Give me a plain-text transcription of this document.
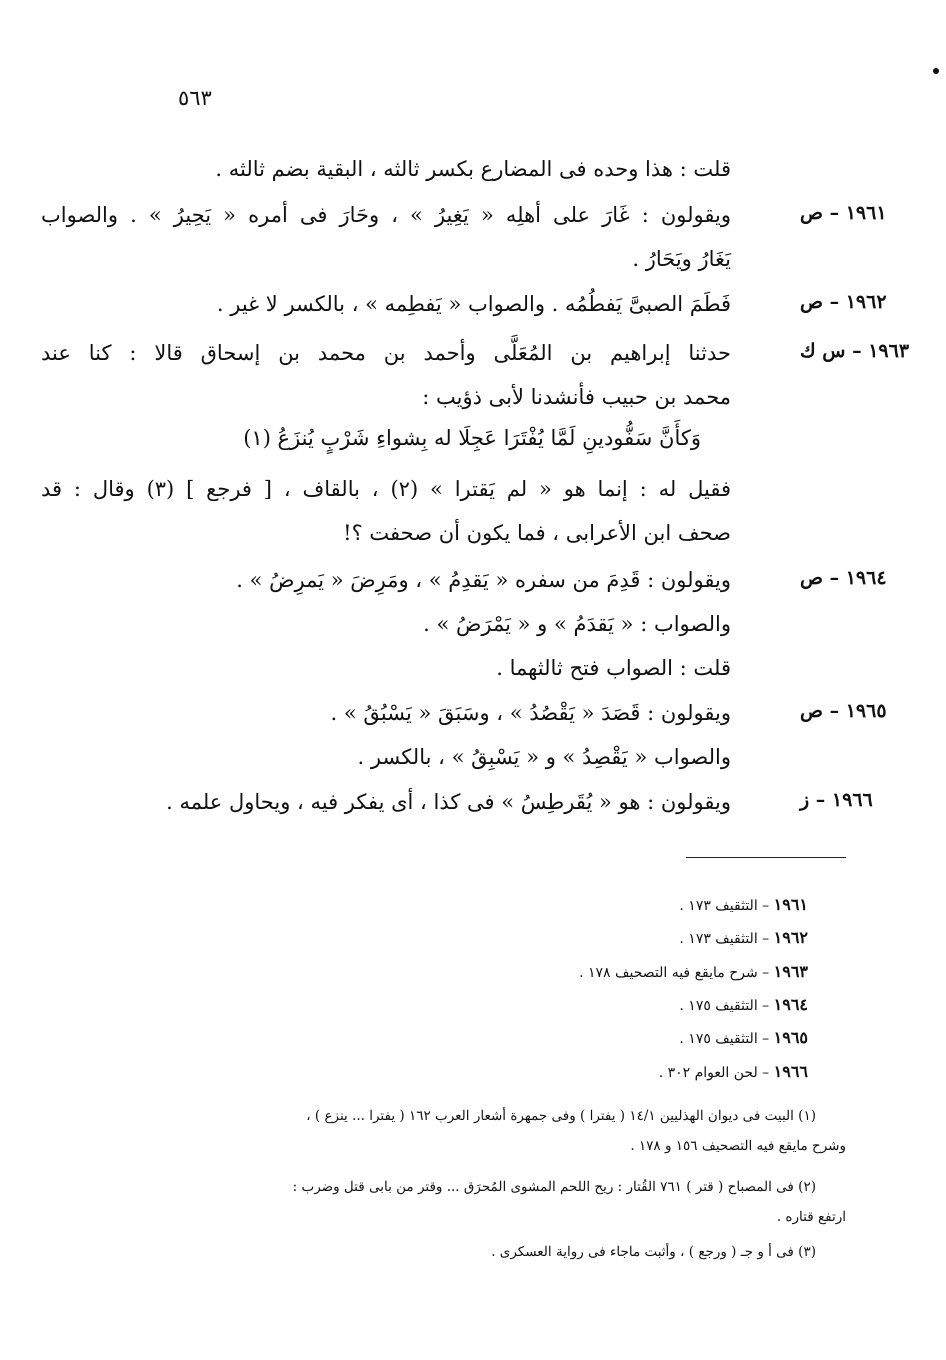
٥٦٣
قلت : هذا وحده فى المضارع بكسر ثالثه ، البقية بضم ثالثه .
١٩٦١ – ص
ويقولون : غَارَ على أهلِه « يَغِيرُ » ، وحَارَ فى أمره « يَحِيرُ » . والصواب
يَغَارُ ويَحَارُ .
١٩٦٢ – ص
فَطَمَ الصبىَّ يَفطُمُه . والصواب « يَفطِمه » ، بالكسر لا غير .
١٩٦٣ – س ك
حدثنا إبراهيم بن المُعَلَّى وأحمد بن محمد بن إسحاق قالا : كنا عند
محمد بن حبيب فأنشدنا لأبى ذؤيب :
وَكأَنَّ سَفُّودينِ لَمَّا يُفْتَرَا عَجِلَا له بِشواءِ شَرْبٍ يُنزَعُ (١)
فقيل له : إنما هو « لم يَقترا » (٢) ، بالقاف ، [ فرجع ] (٣) وقال : قد
صحف ابن الأعرابى ، فما يكون أن صحفت ؟!
١٩٦٤ – ص
ويقولون : قَدِمَ من سفره « يَقدِمُ » ، ومَرِضَ « يَمرِضُ » .
والصواب : « يَقدَمُ » و « يَمْرَضُ » .
قلت : الصواب فتح ثالثهما .
١٩٦٥ – ص
ويقولون : قَصَدَ « يَقْصُدُ » ، وسَبَقَ « يَسْبُقُ » .
والصواب « يَقْصِدُ » و « يَسْبِقُ » ، بالكسر .
١٩٦٦ – ز
ويقولون : هو « يُقَرطِسُ » فى كذا ، أى يفكر فيه ، ويحاول علمه .
١٩٦١ – التثقيف ١٧٣ .
١٩٦٢ – التثقيف ١٧٣ .
١٩٦٣ – شرح مايقع فيه التصحيف ١٧٨ .
١٩٦٤ – التثقيف ١٧٥ .
١٩٦٥ – التثقيف ١٧٥ .
١٩٦٦ – لحن العوام ٣٠٢ .
(١) البيت فى ديوان الهذليين ١٤/١ ( يفترا ) وفى جمهرة أشعار العرب ١٦٢ ( يفترا ... ينزع ) ،
وشرح مايقع فيه التصحيف ١٥٦ و ١٧٨ .
(٢) فى المصباح ( قتر ) ٧٦١ القُتار : ريح اللحم المشوى المُحرَق ... وقتر من بابى قتل وضرب :
ارتفع قتاره .
(٣) فى أ و جـ ( ورجع ) ، وأثبت ماجاء فى رواية العسكرى .
